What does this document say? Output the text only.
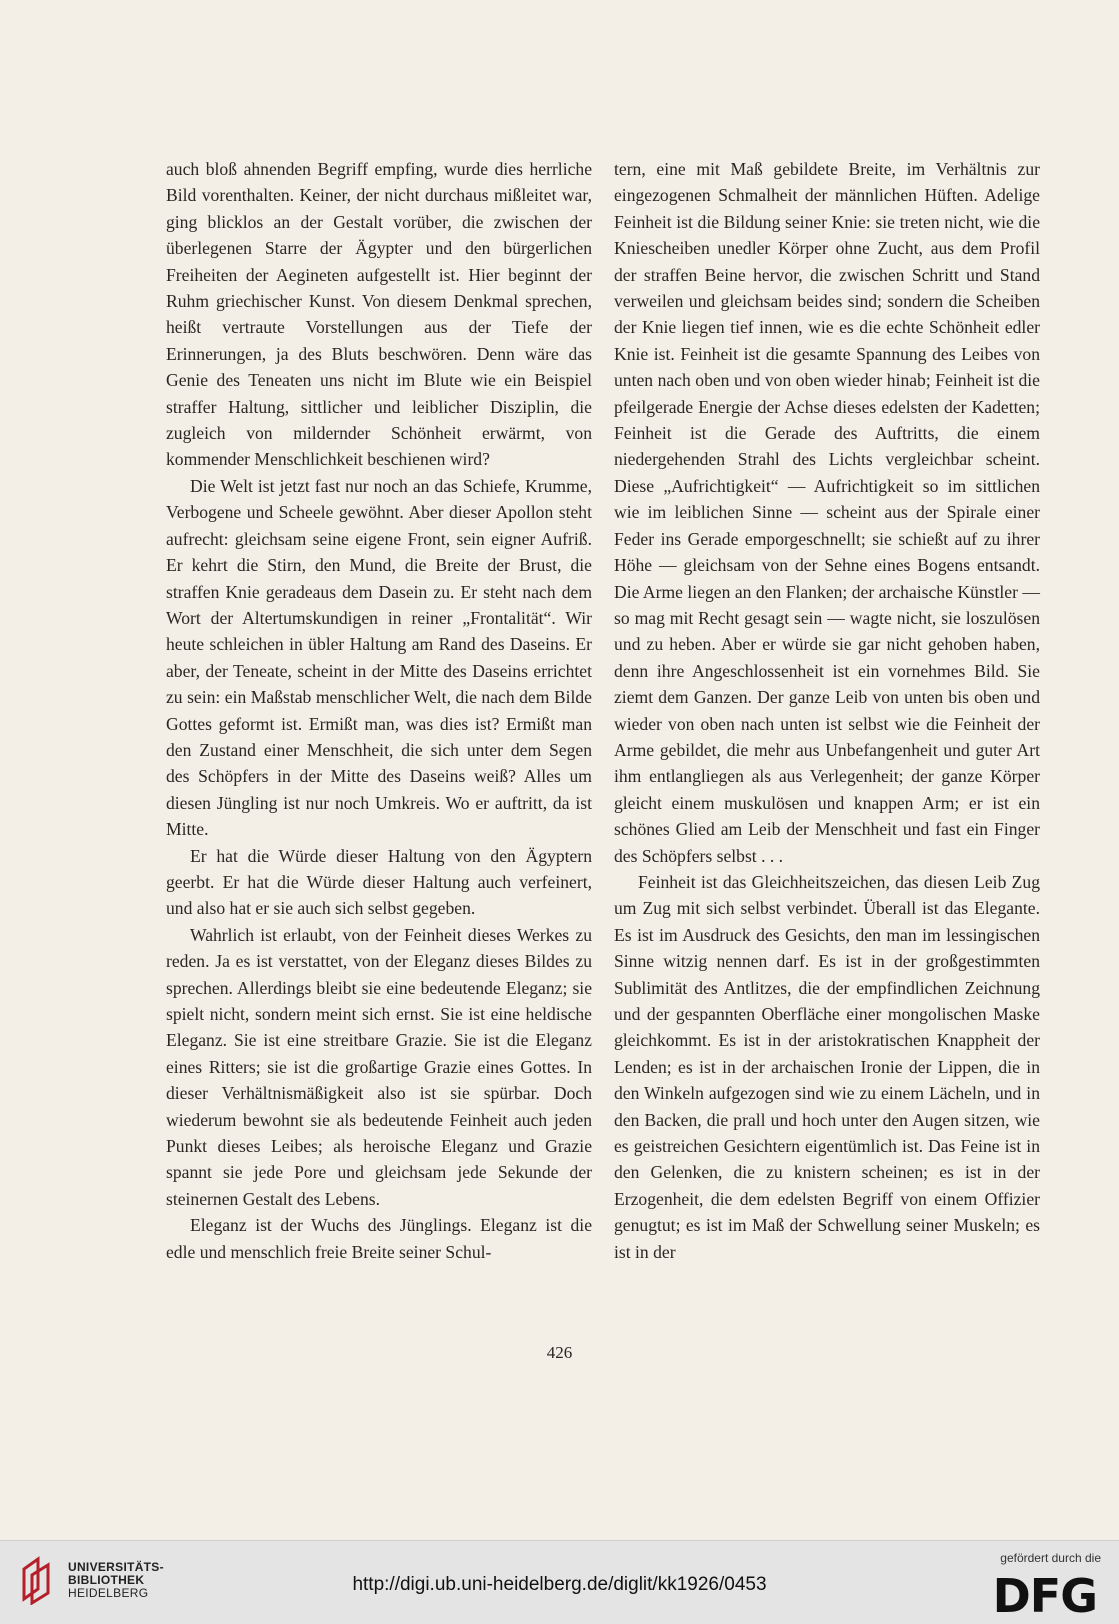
auch bloß ahnenden Begriff empfing, wurde dies herrliche Bild vorenthalten. Keiner, der nicht durchaus mißleitet war, ging blicklos an der Gestalt vorüber, die zwischen der überlegenen Starre der Ägypter und den bürgerlichen Freiheiten der Aegineten aufgestellt ist. Hier beginnt der Ruhm griechischer Kunst. Von diesem Denkmal sprechen, heißt vertraute Vorstellungen aus der Tiefe der Erinnerungen, ja des Bluts beschwören. Denn wäre das Genie des Teneaten uns nicht im Blute wie ein Beispiel straffer Haltung, sittlicher und leiblicher Disziplin, die zugleich von mildernder Schönheit erwärmt, von kommender Menschlichkeit beschienen wird?

Die Welt ist jetzt fast nur noch an das Schiefe, Krumme, Verbogene und Scheele gewöhnt. Aber dieser Apollon steht aufrecht: gleichsam seine eigene Front, sein eigner Aufriß. Er kehrt die Stirn, den Mund, die Breite der Brust, die straffen Knie geradeaus dem Dasein zu. Er steht nach dem Wort der Altertumskundigen in reiner „Frontalität“. Wir heute schleichen in übler Haltung am Rand des Daseins. Er aber, der Teneate, scheint in der Mitte des Daseins errichtet zu sein: ein Maßstab menschlicher Welt, die nach dem Bilde Gottes geformt ist. Ermißt man, was dies ist? Ermißt man den Zustand einer Menschheit, die sich unter dem Segen des Schöpfers in der Mitte des Daseins weiß? Alles um diesen Jüngling ist nur noch Umkreis. Wo er auftritt, da ist Mitte.

Er hat die Würde dieser Haltung von den Ägyptern geerbt. Er hat die Würde dieser Haltung auch verfeinert, und also hat er sie auch sich selbst gegeben.

Wahrlich ist erlaubt, von der Feinheit dieses Werkes zu reden. Ja es ist verstattet, von der Eleganz dieses Bildes zu sprechen. Allerdings bleibt sie eine bedeutende Eleganz; sie spielt nicht, sondern meint sich ernst. Sie ist eine heldische Eleganz. Sie ist eine streitbare Grazie. Sie ist die Eleganz eines Ritters; sie ist die großartige Grazie eines Gottes. In dieser Verhältnismäßigkeit also ist sie spürbar. Doch wiederum bewohnt sie als bedeutende Feinheit auch jeden Punkt dieses Leibes; als heroische Eleganz und Grazie spannt sie jede Pore und gleichsam jede Sekunde der steinernen Gestalt des Lebens.

Eleganz ist der Wuchs des Jünglings. Eleganz ist die edle und menschlich freie Breite seiner Schul-

tern, eine mit Maß gebildete Breite, im Verhältnis zur eingezogenen Schmalheit der männlichen Hüften. Adelige Feinheit ist die Bildung seiner Knie: sie treten nicht, wie die Kniescheiben unedler Körper ohne Zucht, aus dem Profil der straffen Beine hervor, die zwischen Schritt und Stand verweilen und gleichsam beides sind; sondern die Scheiben der Knie liegen tief innen, wie es die echte Schönheit edler Knie ist. Feinheit ist die gesamte Spannung des Leibes von unten nach oben und von oben wieder hinab; Feinheit ist die pfeilgerade Energie der Achse dieses edelsten der Kadetten; Feinheit ist die Gerade des Auftritts, die einem niedergehenden Strahl des Lichts vergleichbar scheint. Diese „Aufrichtigkeit“ — Aufrichtigkeit so im sittlichen wie im leiblichen Sinne — scheint aus der Spirale einer Feder ins Gerade emporgeschnellt; sie schießt auf zu ihrer Höhe — gleichsam von der Sehne eines Bogens entsandt. Die Arme liegen an den Flanken; der archaische Künstler — so mag mit Recht gesagt sein — wagte nicht, sie loszulösen und zu heben. Aber er würde sie gar nicht gehoben haben, denn ihre Angeschlossenheit ist ein vornehmes Bild. Sie ziemt dem Ganzen. Der ganze Leib von unten bis oben und wieder von oben nach unten ist selbst wie die Feinheit der Arme gebildet, die mehr aus Unbefangenheit und guter Art ihm entlangliegen als aus Verlegenheit; der ganze Körper gleicht einem muskulösen und knappen Arm; er ist ein schönes Glied am Leib der Menschheit und fast ein Finger des Schöpfers selbst . . .

Feinheit ist das Gleichheitszeichen, das diesen Leib Zug um Zug mit sich selbst verbindet. Überall ist das Elegante. Es ist im Ausdruck des Gesichts, den man im lessingischen Sinne witzig nennen darf. Es ist in der großgestimmten Sublimität des Antlitzes, die der empfindlichen Zeichnung und der gespannten Oberfläche einer mongolischen Maske gleichkommt. Es ist in der aristokratischen Knappheit der Lenden; es ist in der archaischen Ironie der Lippen, die in den Winkeln aufgezogen sind wie zu einem Lächeln, und in den Backen, die prall und hoch unter den Augen sitzen, wie es geistreichen Gesichtern eigentümlich ist. Das Feine ist in den Gelenken, die zu knistern scheinen; es ist in der Erzogenheit, die dem edelsten Begriff von einem Offizier genugtut; es ist im Maß der Schwellung seiner Muskeln; es ist in der

426
UNIVERSITÄTS-
BIBLIOTHEK
HEIDELBERG	http://digi.ub.uni-heidelberg.de/diglit/kk1926/0453
gefördert durch die
DFG
